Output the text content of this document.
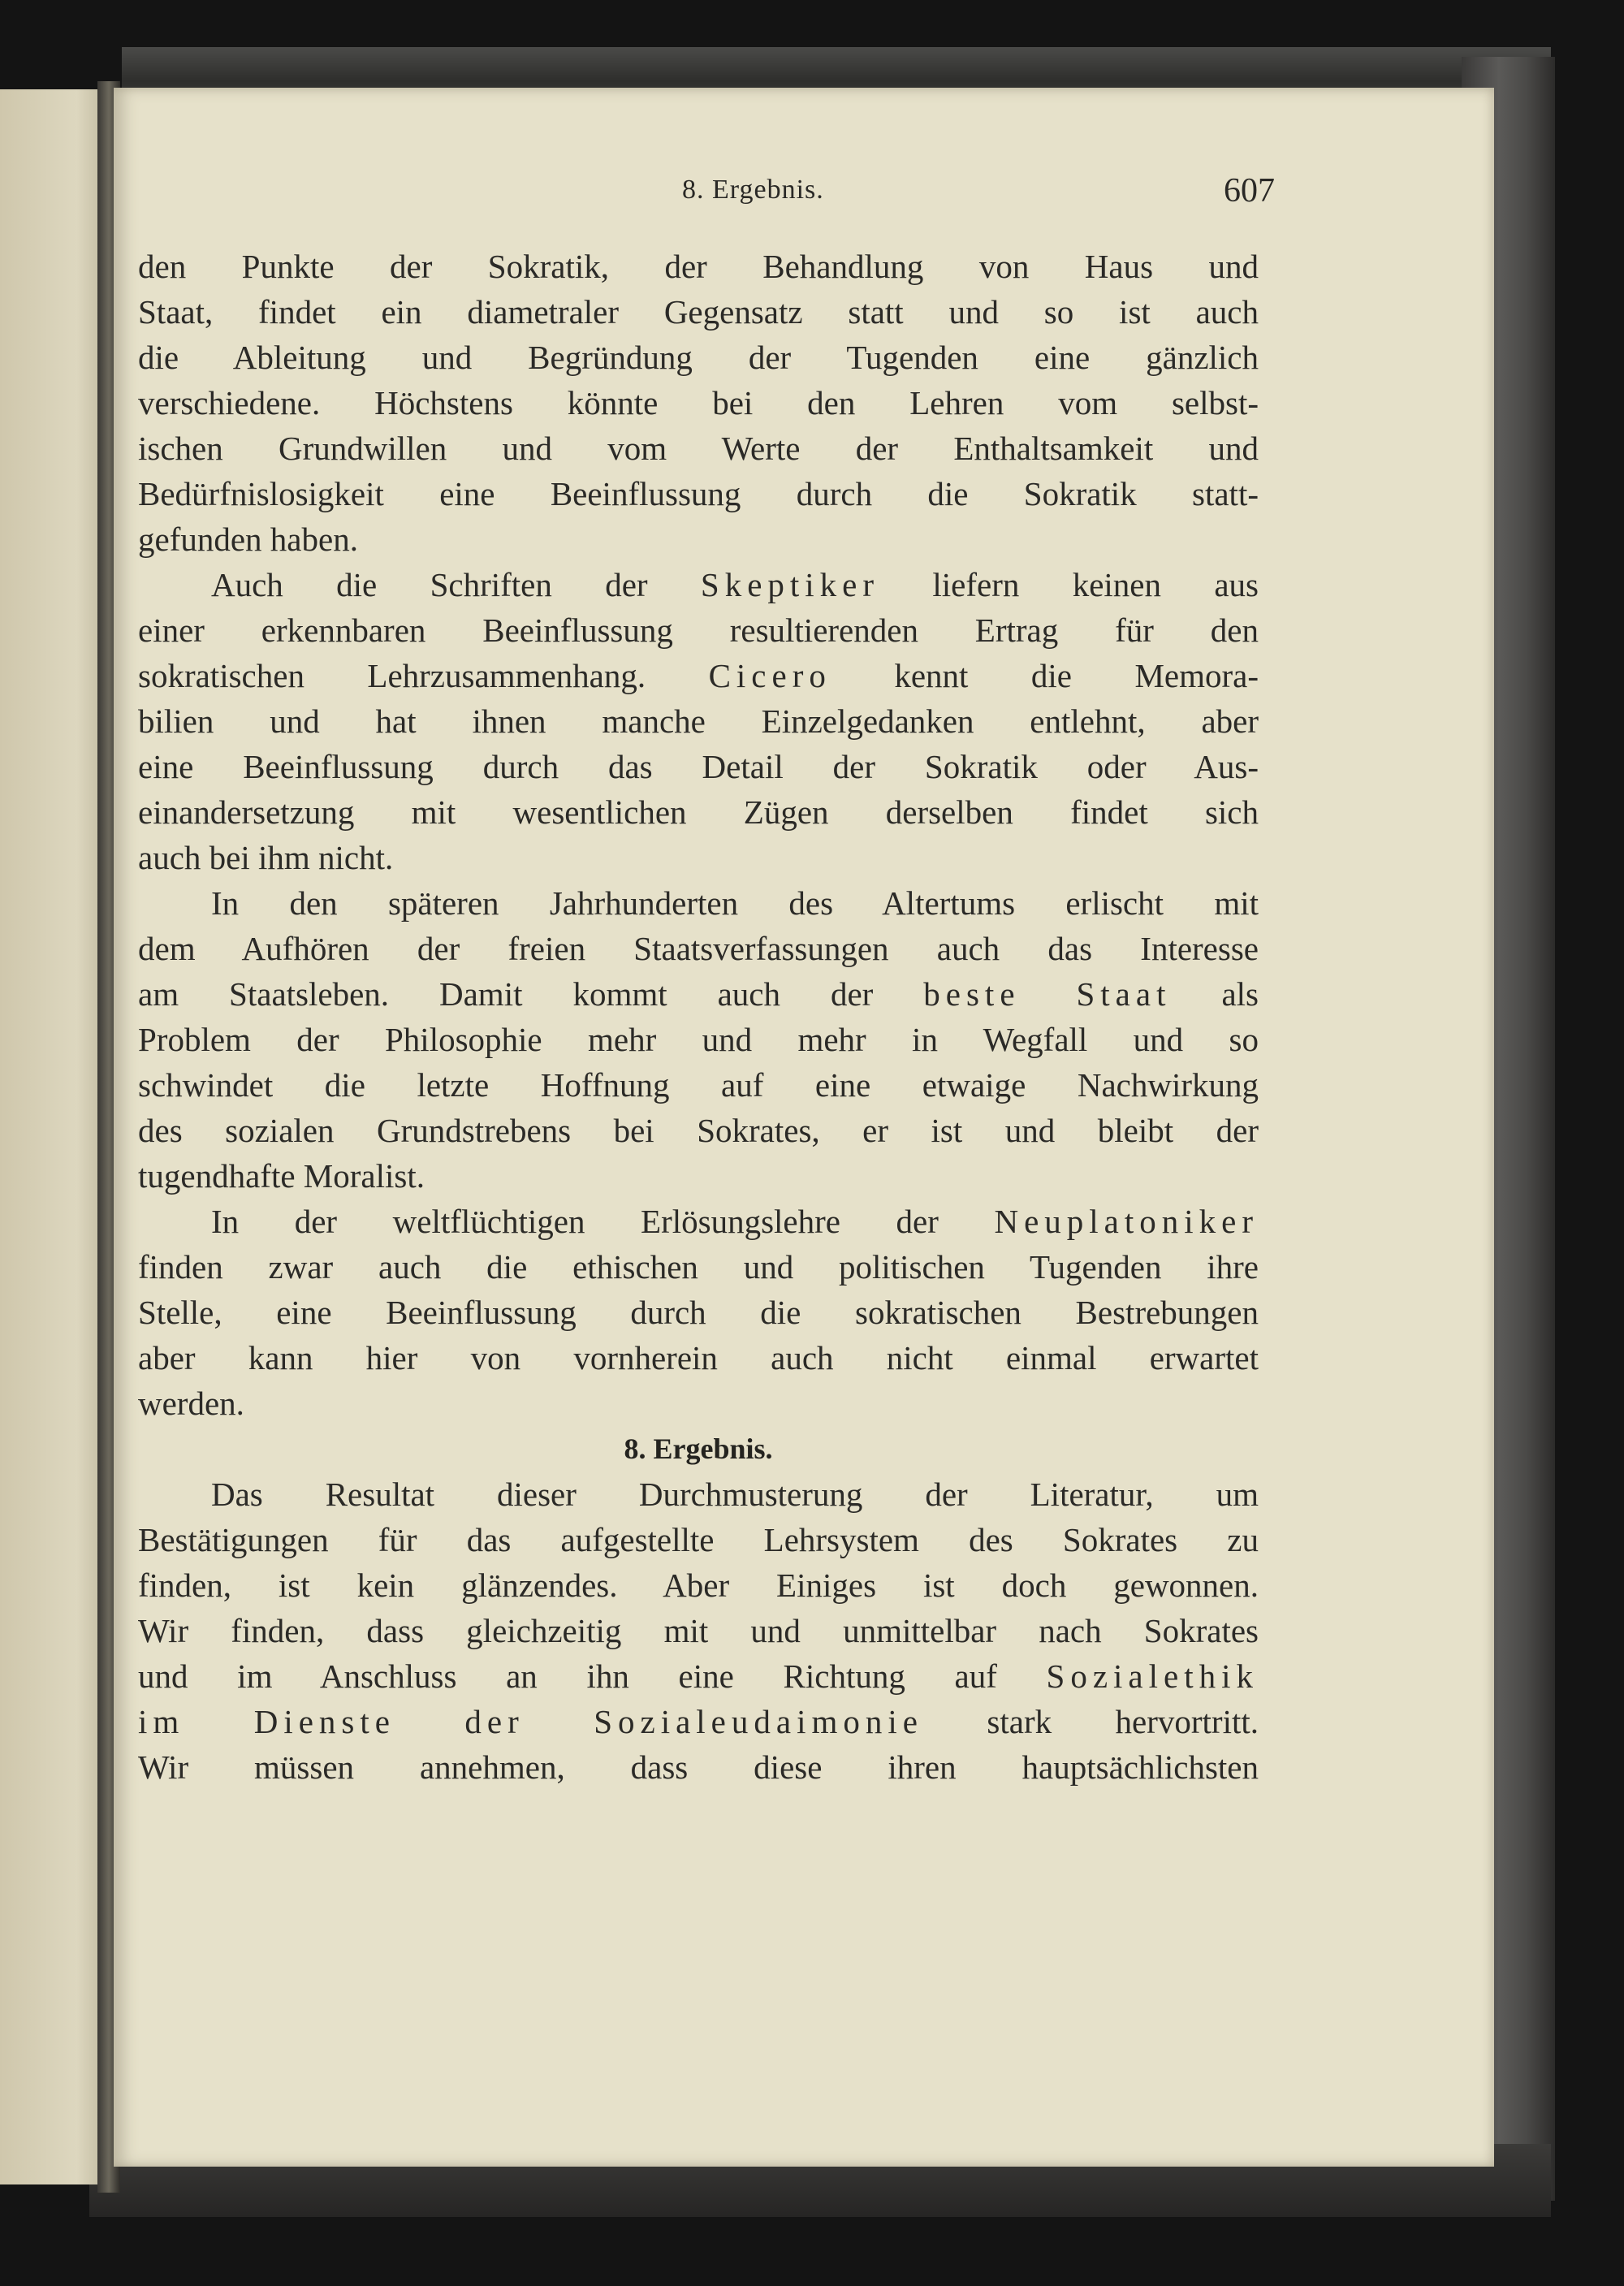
8. Ergebnis.	607

den Punkte der Sokratik, der Behandlung von Haus und
Staat, findet ein diametraler Gegensatz statt und so ist auch
die Ableitung und Begründung der Tugenden eine gänzlich
verschiedene. Höchstens könnte bei den Lehren vom selbst-
ischen Grundwillen und vom Werte der Enthaltsamkeit und
Bedürfnislosigkeit eine Beeinflussung durch die Sokratik statt-
gefunden haben.

Auch die Schriften der Skeptiker liefern keinen aus
einer erkennbaren Beeinflussung resultierenden Ertrag für den
sokratischen Lehrzusammenhang. Cicero kennt die Memora-
bilien und hat ihnen manche Einzelgedanken entlehnt, aber
eine Beeinflussung durch das Detail der Sokratik oder Aus-
einandersetzung mit wesentlichen Zügen derselben findet sich
auch bei ihm nicht.

In den späteren Jahrhunderten des Altertums erlischt mit
dem Aufhören der freien Staatsverfassungen auch das Interesse
am Staatsleben. Damit kommt auch der beste Staat als
Problem der Philosophie mehr und mehr in Wegfall und so
schwindet die letzte Hoffnung auf eine etwaige Nachwirkung
des sozialen Grundstrebens bei Sokrates, er ist und bleibt der
tugendhafte Moralist.

In der weltflüchtigen Erlösungslehre der Neuplatoniker
finden zwar auch die ethischen und politischen Tugenden ihre
Stelle, eine Beeinflussung durch die sokratischen Bestrebungen
aber kann hier von vornherein auch nicht einmal erwartet
werden.

8. Ergebnis.

Das Resultat dieser Durchmusterung der Literatur, um
Bestätigungen für das aufgestellte Lehrsystem des Sokrates zu
finden, ist kein glänzendes. Aber Einiges ist doch gewonnen.
Wir finden, dass gleichzeitig mit und unmittelbar nach Sokrates
und im Anschluss an ihn eine Richtung auf Sozialethik
im Dienste der Sozialeudaimonie stark hervortritt.
Wir müssen annehmen, dass diese ihren hauptsächlichsten
